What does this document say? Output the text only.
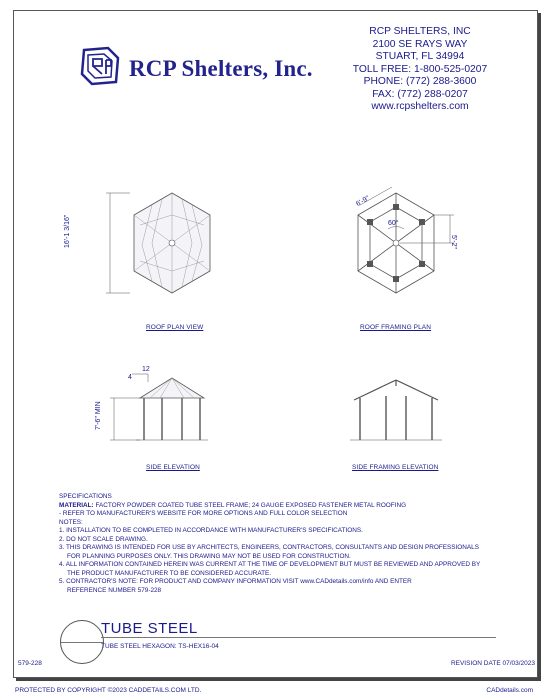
RCP Shelters, Inc.
RCP SHELTERS, INC
2100 SE RAYS WAY
STUART, FL 34994
TOLL FREE: 1-800-525-0207
PHONE: (772) 288-3600
FAX: (772) 288-0207
www.rcpshelters.com
16'-1 3/16"
ROOF PLAN VIEW
6'-9"
5'-2"
60°
ROOF FRAMING PLAN
12
4
7'-6" MIN
SIDE ELEVATION	SIDE FRAMING ELEVATION
SPECIFICATIONS
MATERIAL: FACTORY POWDER COATED TUBE STEEL FRAME; 24 GAUGE EXPOSED FASTENER METAL ROOFING
- REFER TO MANUFACTURER'S WEBSITE FOR MORE OPTIONS AND FULL COLOR SELECTION
NOTES:
1. INSTALLATION TO BE COMPLETED IN ACCORDANCE WITH MANUFACTURER'S SPECIFICATIONS.
2. DO NOT SCALE DRAWING.
3. THIS DRAWING IS INTENDED FOR USE BY ARCHITECTS, ENGINEERS, CONTRACTORS, CONSULTANTS AND DESIGN PROFESSIONALS
FOR PLANNING PURPOSES ONLY. THIS DRAWING MAY NOT BE USED FOR CONSTRUCTION.
4. ALL INFORMATION CONTAINED HEREIN WAS CURRENT AT THE TIME OF DEVELOPMENT BUT MUST BE REVIEWED AND APPROVED BY
THE PRODUCT MANUFACTURER TO BE CONSIDERED ACCURATE.
5. CONTRACTOR'S NOTE: FOR PRODUCT AND COMPANY INFORMATION VISIT www.CADdetails.com/info AND ENTER
REFERENCE NUMBER 579-228
TUBE STEEL
TUBE STEEL HEXAGON: TS-HEX16-04
579-228	REVISION DATE 07/03/2023
PROTECTED BY COPYRIGHT ©2023 CADDETAILS.COM LTD.	CADdetails.com
